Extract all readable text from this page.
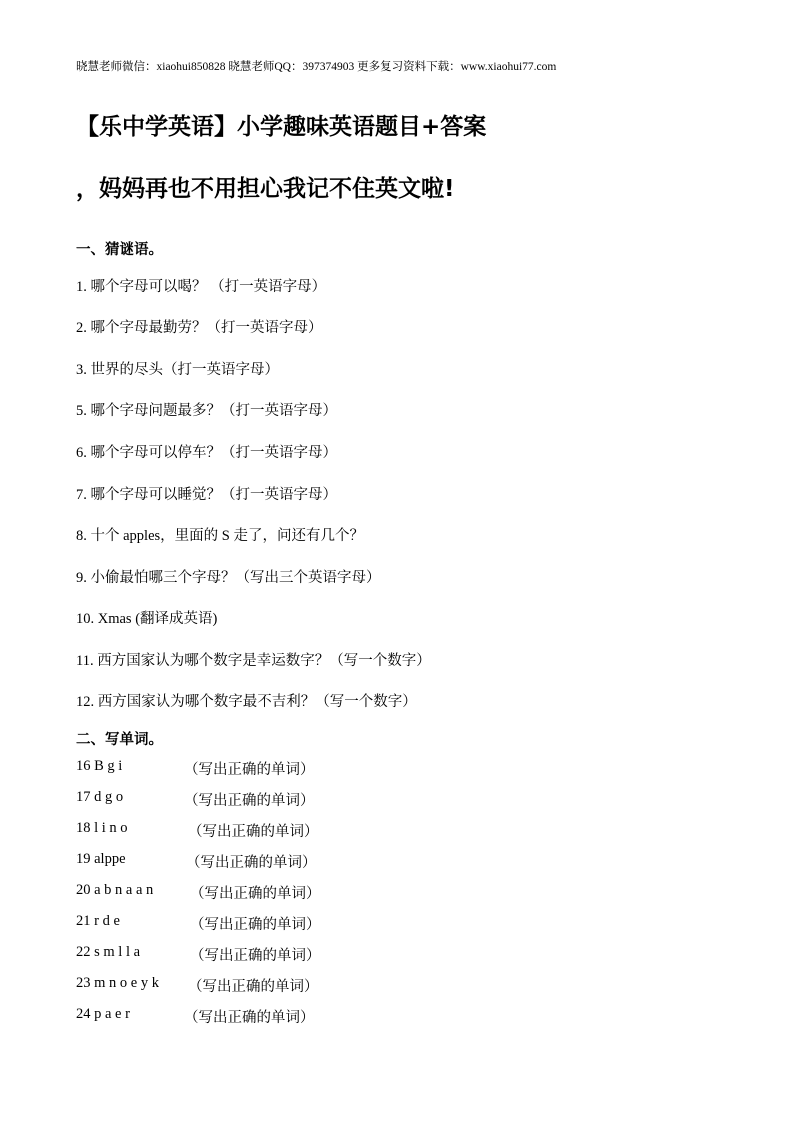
晓慧老师微信：xiaohui850828 晓慧老师QQ：397374903 更多复习资料下载：www.xiaohui77.com
【乐中学英语】小学趣味英语题目+答案
，妈妈再也不用担心我记不住英文啦!
一、猜谜语。
1. 哪个字母可以喝？ （打一英语字母）
2. 哪个字母最勤劳？（打一英语字母）
3. 世界的尽头（打一英语字母）
5. 哪个字母问题最多？（打一英语字母）
6. 哪个字母可以停车？（打一英语字母）
7. 哪个字母可以睡觉？（打一英语字母）
8. 十个 apples，里面的 S 走了，问还有几个？
9. 小偷最怕哪三个字母？（写出三个英语字母）
10. Xmas (翻译成英语)
11. 西方国家认为哪个数字是幸运数字？（写一个数字）
12. 西方国家认为哪个数字最不吉利？（写一个数字）
二、写单词。
16 B g i	（写出正确的单词）
17 d g o	（写出正确的单词）
18 l i n o	（写出正确的单词）
19 alppe	（写出正确的单词）
20 a b n a a n	（写出正确的单词）
21 r d e	（写出正确的单词）
22 s m l l a	（写出正确的单词）
23 m n o e y k （写出正确的单词）
24 p a e r	（写出正确的单词）
